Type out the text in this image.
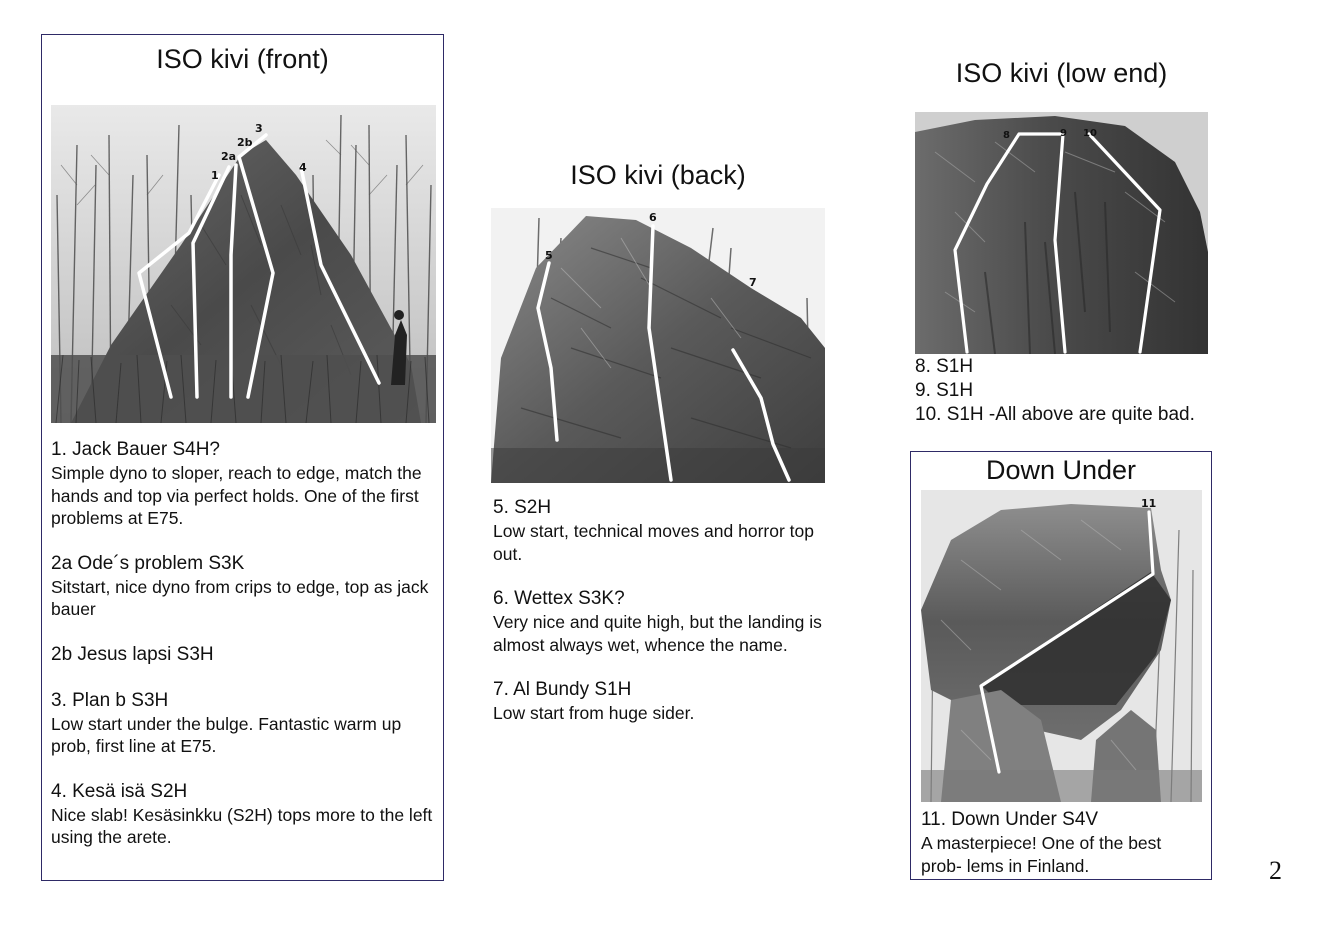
ISO kivi (front)
1
2a
2b
3
4
1. Jack Bauer S4H?
Simple dyno to sloper, reach to edge, match the hands and top via perfect holds. One of the first problems at E75.
2a Ode´s problem S3K
Sitstart, nice dyno from crips to edge, top as jack bauer
2b Jesus lapsi S3H
3. Plan b S3H
Low start under the bulge. Fantastic warm up prob, first line at E75.
4. Kesä isä S2H
Nice slab! Kesäsinkku (S2H) tops more to the left using the arete.
ISO kivi (back)
5
6
7
5. S2H
Low start, technical moves and horror top out.
6. Wettex S3K?
Very nice and quite high, but the landing is almost always wet, whence the name.
7. Al Bundy S1H
Low start from huge sider.
ISO kivi (low end)
8	9 10
8. S1H
9. S1H
10. S1H -All above are quite bad.
Down Under
11
11. Down Under S4V
A masterpiece! One of the best prob- lems in Finland.	2
